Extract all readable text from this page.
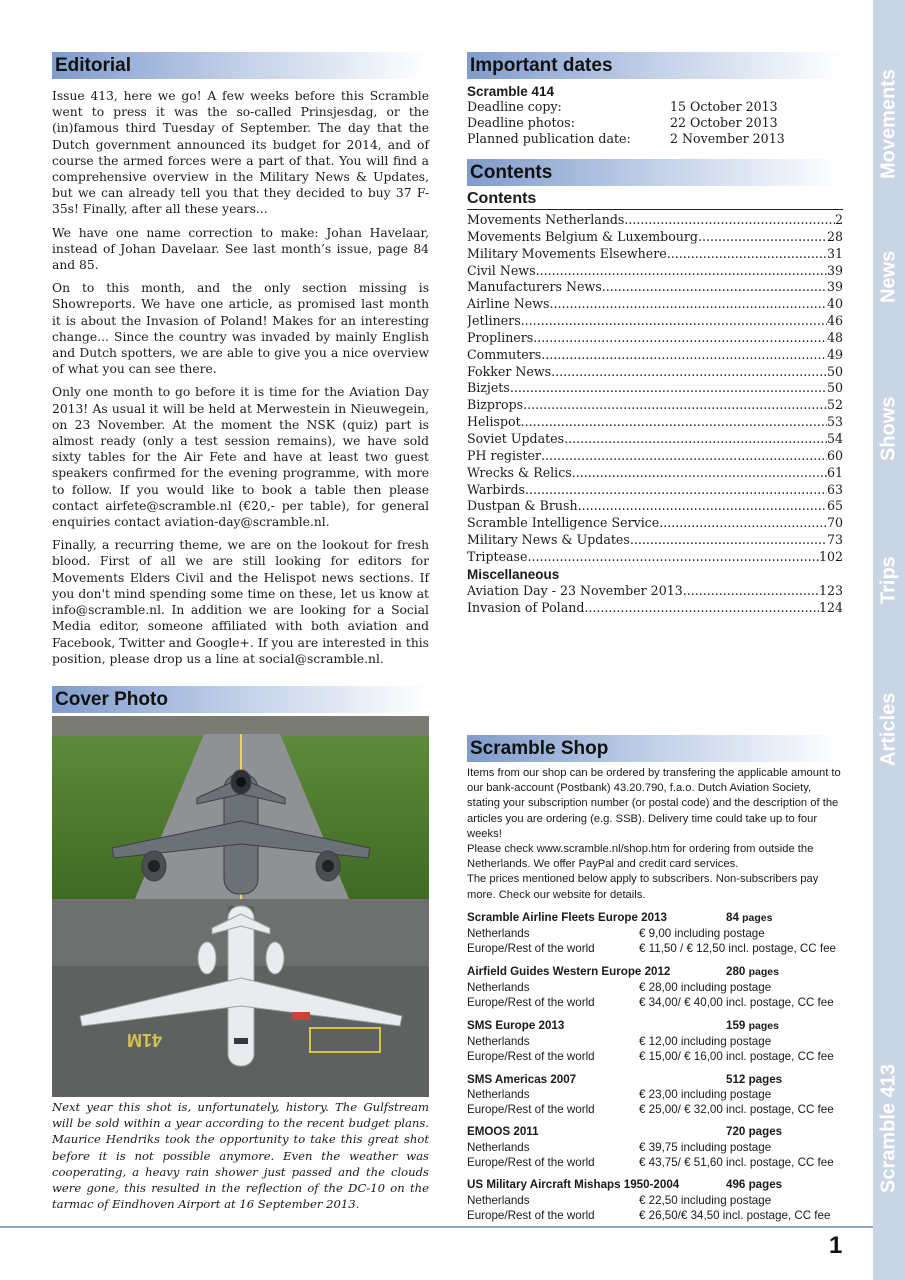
Movements
News
Shows
Trips
Articles
Scramble 413
Editorial

Issue 413, here we go! A few weeks before this Scramble went to press it was the so-called Prinsjesdag, or the (in)famous third Tuesday of September. The day that the Dutch government announced its budget for 2014, and of course the armed forces were a part of that. You will find a comprehensive overview in the Military News & Updates, but we can already tell you that they decided to buy 37 F-35s! Finally, after all these years...

We have one name correction to make: Johan Havelaar, instead of Johan Davelaar. See last month’s issue, page 84 and 85.

On to this month, and the only section missing is Showreports. We have one article, as promised last month it is about the Invasion of Poland! Makes for an interesting change... Since the country was invaded by mainly English and Dutch spotters, we are able to give you a nice overview of what you can see there.

Only one month to go before it is time for the Aviation Day 2013! As usual it will be held at Merwestein in Nieuwegein, on 23 November. At the moment the NSK (quiz) part is almost ready (only a test session remains), we have sold sixty tables for the Air Fete and have at least two guest speakers confirmed for the evening programme, with more to follow. If you would like to book a table then please contact airfete@scramble.nl (€20,- per table), for general enquiries contact aviation-day@scramble.nl.

Finally, a recurring theme, we are on the lookout for fresh blood. First of all we are still looking for editors for Movements Elders Civil and the Helispot news sections. If you don't mind spending some time on these, let us know at info@scramble.nl. In addition we are looking for a Social Media editor, someone affiliated with both aviation and Facebook, Twitter and Google+. If you are interested in this position, please drop us a line at social@scramble.nl.

Cover Photo
41M
Next year this shot is, unfortunately, history. The Gulfstream will be sold within a year according to the recent budget plans. Maurice Hendriks took the opportunity to take this great shot before it is not possible anymore. Even the weather was cooperating, a heavy rain shower just passed and the clouds were gone, this resulted in the reflection of the DC-10 on the tarmac of Eindhoven Airport at 16 September 2013.
Important dates
Scramble 414
Deadline copy:	15 October 2013
Deadline photos:	22 October 2013
Planned publication date:	2 November 2013
Contents
Contents
Movements Netherlands .....	2
Movements Belgium & Luxembourg .....	28
Military Movements Elsewhere .....	31
Civil News .....	39
Manufacturers News .....	39
Airline News .....	40
Jetliners .....	46
Propliners .....	48
Commuters .....	49
Fokker News .....	50
Bizjets .....	50
Bizprops .....	52
Helispot .....	53
Soviet Updates .....	54
PH register .....	60
Wrecks & Relics .....	61
Warbirds .....	63
Dustpan & Brush .....	65
Scramble Intelligence Service .....	70
Military News & Updates .....	73
Triptease .....	102
Miscellaneous
Aviation Day - 23 November 2013 .....	123
Invasion of Poland .....	124
Scramble Shop
Items from our shop can be ordered by transfering the applicable amount to our bank-account (Postbank) 43.20.790, f.a.o. Dutch Aviation Society, stating your subscription number (or postal code) and the description of the articles you are ordering (e.g. SSB). Delivery time could take up to four weeks!
Please check www.scramble.nl/shop.htm for ordering from outside the Netherlands. We offer PayPal and credit card services.
The prices mentioned below apply to subscribers. Non-subscribers pay more. Check our website for details.
Scramble Airline Fleets Europe 2013	84 pages
Netherlands	€ 9,00 including postage
Europe/Rest of the world	€ 11,50 / € 12,50 incl. postage, CC fee
Airfield Guides Western Europe 2012	280 pages
Netherlands	€ 28,00 including postage
Europe/Rest of the world	€ 34,00/ € 40,00 incl. postage, CC fee
SMS Europe 2013	159 pages
Netherlands	€ 12,00 including postage
Europe/Rest of the world	€ 15,00/ € 16,00 incl. postage, CC fee
SMS Americas 2007	512 pages
Netherlands	€ 23,00 including postage
Europe/Rest of the world	€ 25,00/ € 32,00 incl. postage, CC fee
EMOOS 2011	720 pages
Netherlands	€ 39,75 including postage
Europe/Rest of the world	€ 43,75/ € 51,60 incl. postage, CC fee
US Military Aircraft Mishaps 1950-2004	496 pages
Netherlands	€ 22,50 including postage
Europe/Rest of the world	€ 26,50/€ 34,50 incl. postage, CC fee
1
